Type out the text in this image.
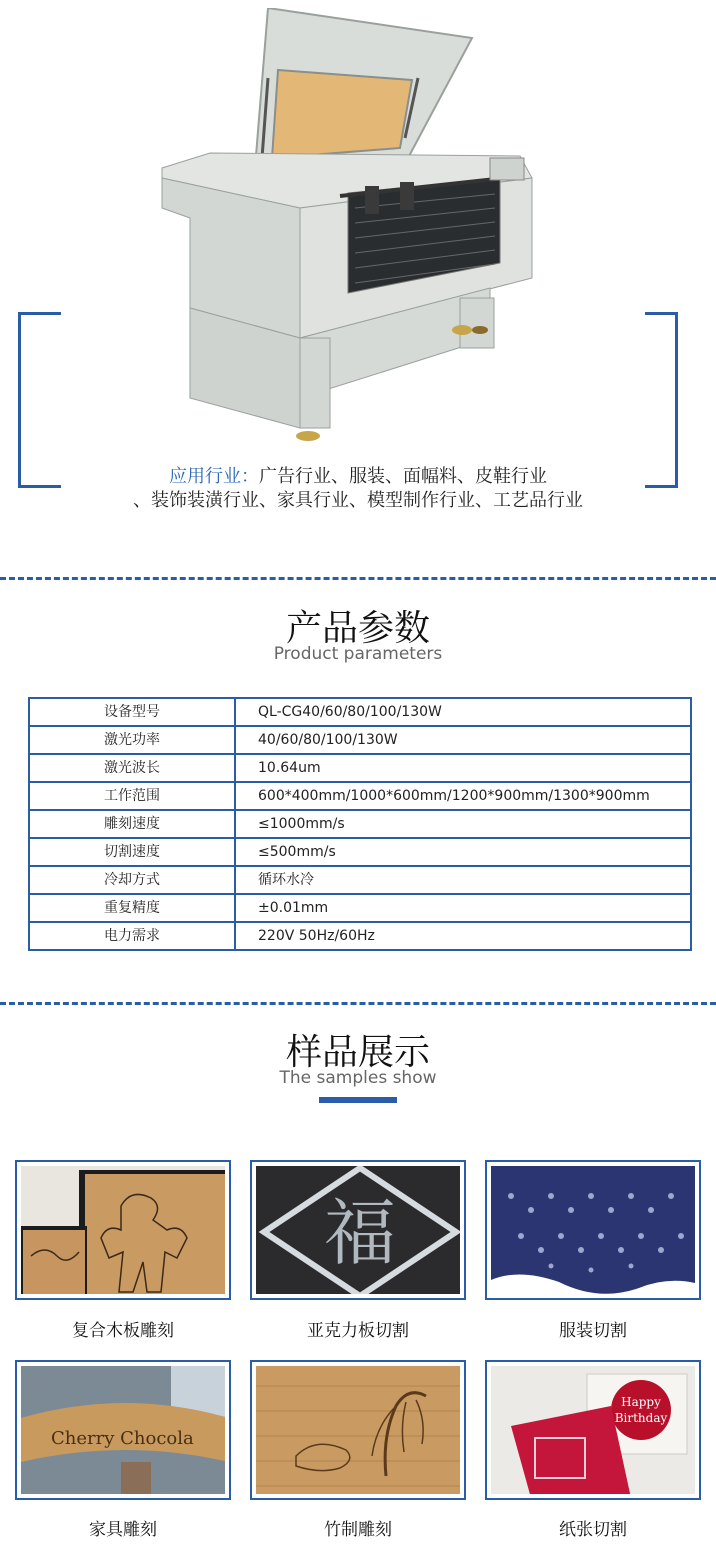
应用行业：广告行业、服装、面幅料、皮鞋行业
、装饰装潢行业、家具行业、模型制作行业、工艺品行业
产品参数
Product parameters
设备型号	QL-CG40/60/80/100/130W
激光功率	40/60/80/100/130W
激光波长	10.64um
工作范围	600*400mm/1000*600mm/1200*900mm/1300*900mm
雕刻速度	≤1000mm/s
切割速度	≤500mm/s
冷却方式	循环水冷
重复精度	±0.01mm
电力需求	220V 50Hz/60Hz
样品展示
The samples show
复合木板雕刻
福
亚克力板切割	服装切割
Cherry Chocola
家具雕刻	竹制雕刻
Happy
Birthday
纸张切割
